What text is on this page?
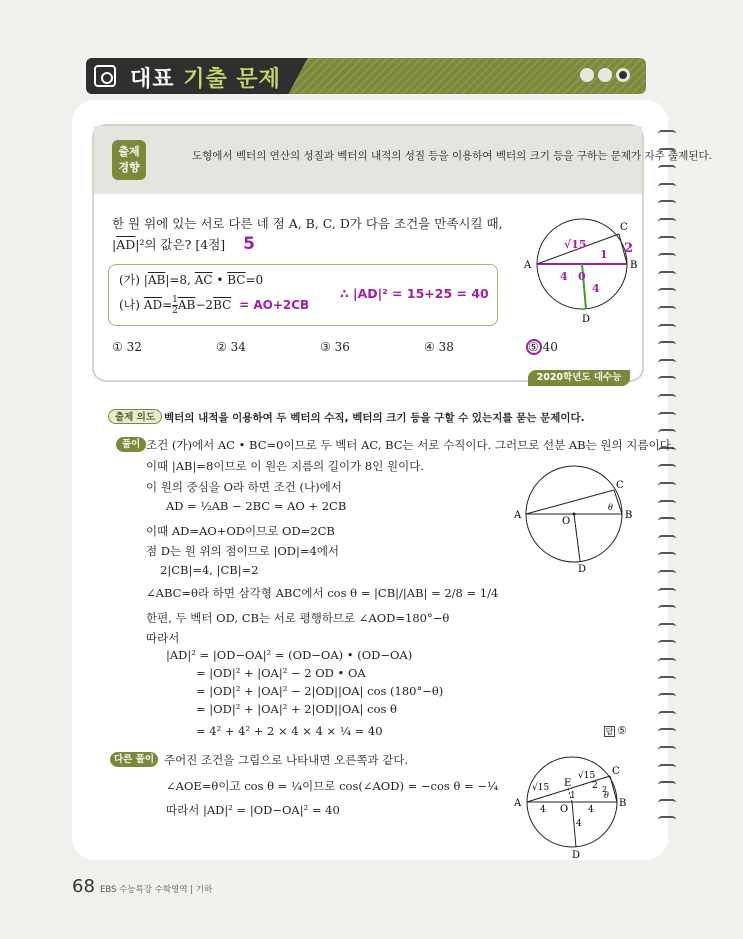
대표 기출 문제
출제
경향
도형에서 벡터의 연산의 성질과 벡터의 내적의 성질 등을 이용하여 벡터의 크기 등을 구하는 문제가 자주 출제된다.
한 원 위에 있는 서로 다른 네 점 A, B, C, D가 다음 조건을 만족시킬 때,
$|\overline{AD}|^2$의 값은? [4점] 5
(가) $|\overline{AB}|=8$, $\overline{AC}$ • $\overline{BC}=0$
(나) $\overline{AD}= \frac{1}{2} \overline{AB}-2\overline{BC} = AO+2CB$
∴ |AD|² = 15+25 = 40
① 32	② 34	③ 36	④ 38	⑤ 40
A	B
C
D
√15
1
4 0
4
2
2020학년도 대수능
출제 의도 벡터의 내적을 이용하여 두 벡터의 수직, 벡터의 크기 등을 구할 수 있는지를 묻는 문제이다.
풀이 조건 (가)에서 AC • BC=0이므로 두 벡터 AC, BC는 서로 수직이다. 그러므로 선분 AB는 원의 지름이다.
이때 |AB|=8이므로 이 원은 지름의 길이가 8인 원이다.
이 원의 중심을 O라 하면 조건 (나)에서
AD = ½AB − 2BC = AO + 2CB
이때 AD=AO+OD이므로 OD=2CB
점 D는 원 위의 점이므로 |OD|=4에서
2|CB|=4, |CB|=2
∠ABC=θ라 하면 삼각형 ABC에서 cos θ = |CB|/|AB| = 2/8 = 1/4
한편, 두 벡터 OD, CB는 서로 평행하므로 ∠AOD=180°−θ
따라서
|AD|² = |OD−OA|² = (OD−OA) • (OD−OA)
= |OD|² + |OA|² − 2 OD • OA
= |OD|² + |OA|² − 2|OD||OA| cos (180°−θ)
= |OD|² + |OA|² + 2|OD||OA| cos θ
= 4² + 4² + 2 × 4 × 4 × ¼ = 40	답 ⑤
A	B
C
D
O
θ
다른 풀이 주어진 조건을 그림으로 나타내면 오른쪽과 같다.
∠AOE=θ이고 cos θ = ¼이므로 cos(∠AOD) = −cos θ = −¼
따라서 |AD|² = |OD−OA|² = 40	A	B
C
D
O
E
θ
√15
√15
1
2 2
4	4
4
68 EBS 수능특강 수학영역 | 기하
